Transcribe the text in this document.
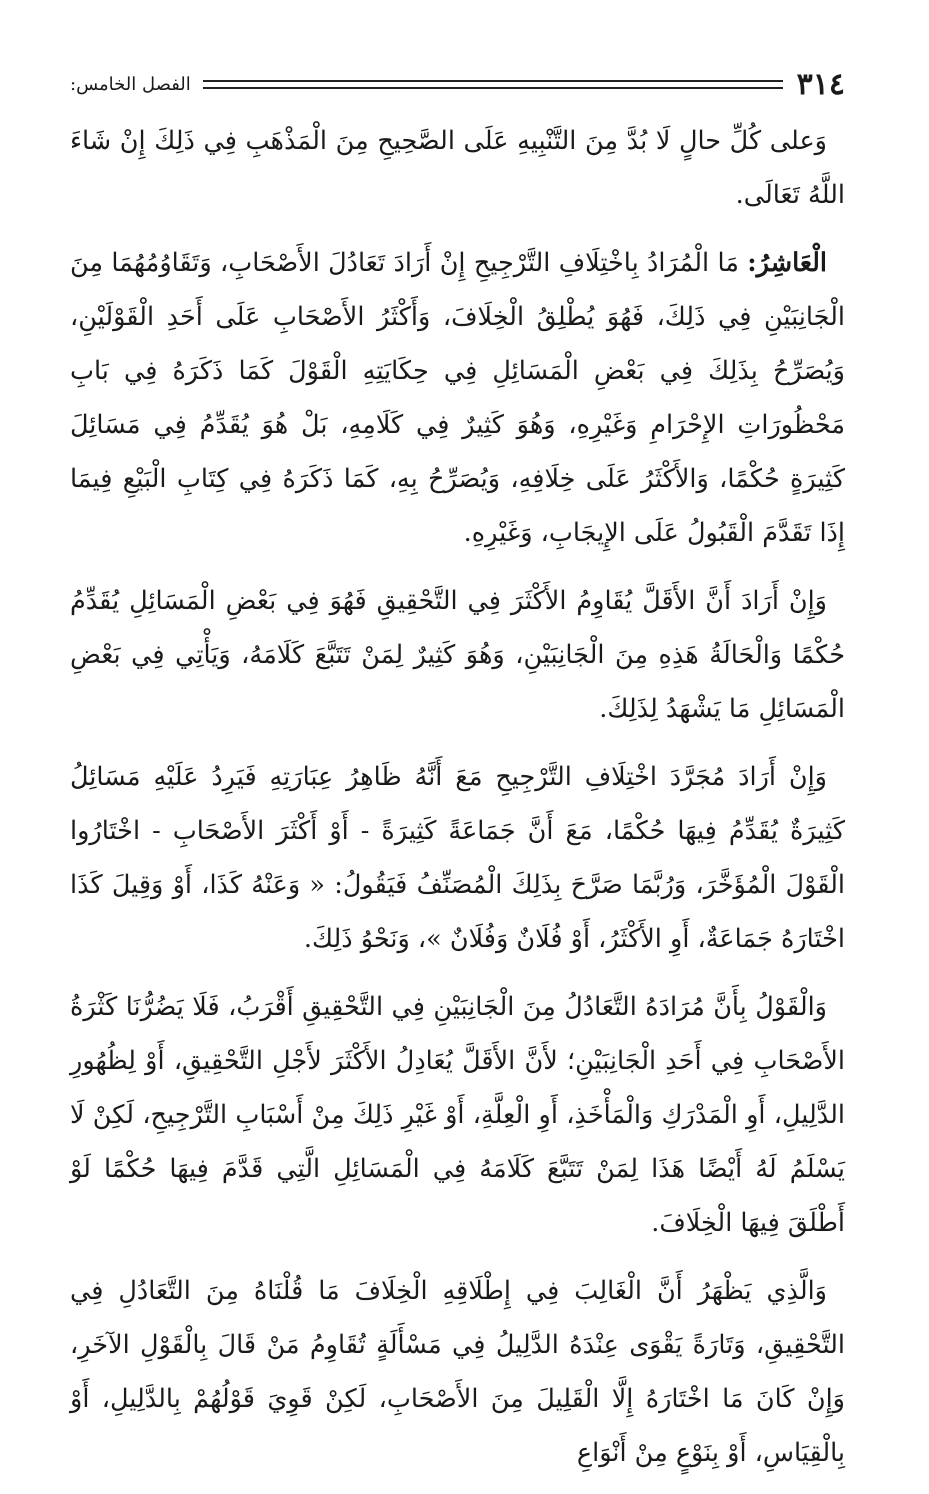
٣١٤
الفصل الخامس:

وَعلى كُلِّ حالٍ لَا بُدَّ مِنَ التَّنْبِيهِ عَلَى الصَّحِيحِ مِنَ الْمَذْهَبِ فِي ذَلِكَ إِنْ شَاءَ اللَّهُ تَعَالَى.

الْعَاشِرُ: مَا الْمُرَادُ بِاخْتِلَافِ التَّرْجِيحِ إِنْ أَرَادَ تَعَادُلَ الأَصْحَابِ، وَتَقَاوُمُهُمَا مِنَ الْجَانِبَيْنِ فِي ذَلِكَ، فَهُوَ يُطْلِقُ الْخِلَافَ، وَأَكْثَرُ الأَصْحَابِ عَلَى أَحَدِ الْقَوْلَيْنِ، وَيُصَرِّحُ بِذَلِكَ فِي بَعْضِ الْمَسَائِلِ فِي حِكَايَتِهِ الْقَوْلَ كَمَا ذَكَرَهُ فِي بَابِ مَحْظُورَاتِ الإِحْرَامِ وَغَيْرِهِ، وَهُوَ كَثِيرٌ فِي كَلَامِهِ، بَلْ هُوَ يُقَدِّمُ فِي مَسَائِلَ كَثِيرَةٍ حُكْمًا، وَالأَكْثَرُ عَلَى خِلَافِهِ، وَيُصَرِّحُ بِهِ، كَمَا ذَكَرَهُ فِي كِتَابِ الْبَيْعِ فِيمَا إِذَا تَقَدَّمَ الْقَبُولُ عَلَى الإِيجَابِ، وَغَيْرِهِ.

وَإِنْ أَرَادَ أَنَّ الأَقَلَّ يُقَاوِمُ الأَكْثَرَ فِي التَّحْقِيقِ فَهُوَ فِي بَعْضِ الْمَسَائِلِ يُقَدِّمُ حُكْمًا وَالْحَالَةُ هَذِهِ مِنَ الْجَانِبَيْنِ، وَهُوَ كَثِيرٌ لِمَنْ تَتَبَّعَ كَلَامَهُ، وَيَأْتِي فِي بَعْضِ الْمَسَائِلِ مَا يَشْهَدُ لِذَلِكَ.

وَإِنْ أَرَادَ مُجَرَّدَ اخْتِلَافِ التَّرْجِيحِ مَعَ أَنَّهُ ظَاهِرُ عِبَارَتِهِ فَيَرِدُ عَلَيْهِ مَسَائِلُ كَثِيرَةٌ يُقَدِّمُ فِيهَا حُكْمًا، مَعَ أَنَّ جَمَاعَةً كَثِيرَةً - أَوْ أَكْثَرَ الأَصْحَابِ - اخْتَارُوا الْقَوْلَ الْمُؤَخَّرَ، وَرُبَّمَا صَرَّحَ بِذَلِكَ الْمُصَنِّفُ فَيَقُولُ: « وَعَنْهُ كَذَا، أَوْ وَقِيلَ كَذَا اخْتَارَهُ جَمَاعَةٌ، أَوِ الأَكْثَرُ، أَوْ فُلَانٌ وَفُلَانٌ »، وَنَحْوُ ذَلِكَ.

وَالْقَوْلُ بِأَنَّ مُرَادَهُ التَّعَادُلُ مِنَ الْجَانِبَيْنِ فِي التَّحْقِيقِ أَقْرَبُ، فَلَا يَضُرُّنَا كَثْرَةُ الأَصْحَابِ فِي أَحَدِ الْجَانِبَيْنِ؛ لأَنَّ الأَقَلَّ يُعَادِلُ الأَكْثَرَ لأَجْلِ التَّحْقِيقِ، أَوْ لِظُهُورِ الدَّلِيلِ، أَوِ الْمَدْرَكِ وَالْمَأْخَذِ، أَوِ الْعِلَّةِ، أَوْ غَيْرِ ذَلِكَ مِنْ أَسْبَابِ التَّرْجِيحِ، لَكِنْ لَا يَسْلَمُ لَهُ أَيْضًا هَذَا لِمَنْ تَتَبَّعَ كَلَامَهُ فِي الْمَسَائِلِ الَّتِي قَدَّمَ فِيهَا حُكْمًا لَوْ أَطْلَقَ فِيهَا الْخِلَافَ.

وَالَّذِي يَظْهَرُ أَنَّ الْغَالِبَ فِي إِطْلَاقِهِ الْخِلَافَ مَا قُلْنَاهُ مِنَ التَّعَادُلِ فِي التَّحْقِيقِ، وَتَارَةً يَقْوَى عِنْدَهُ الدَّلِيلُ فِي مَسْأَلَةٍ تُقَاوِمُ مَنْ قَالَ بِالْقَوْلِ الآخَرِ، وَإِنْ كَانَ مَا اخْتَارَهُ إِلَّا الْقَلِيلَ مِنَ الأَصْحَابِ، لَكِنْ قَوِيَ قَوْلُهُمْ بِالدَّلِيلِ، أَوْ بِالْقِيَاسِ، أَوْ بِنَوْعٍ مِنْ أَنْوَاعِ
